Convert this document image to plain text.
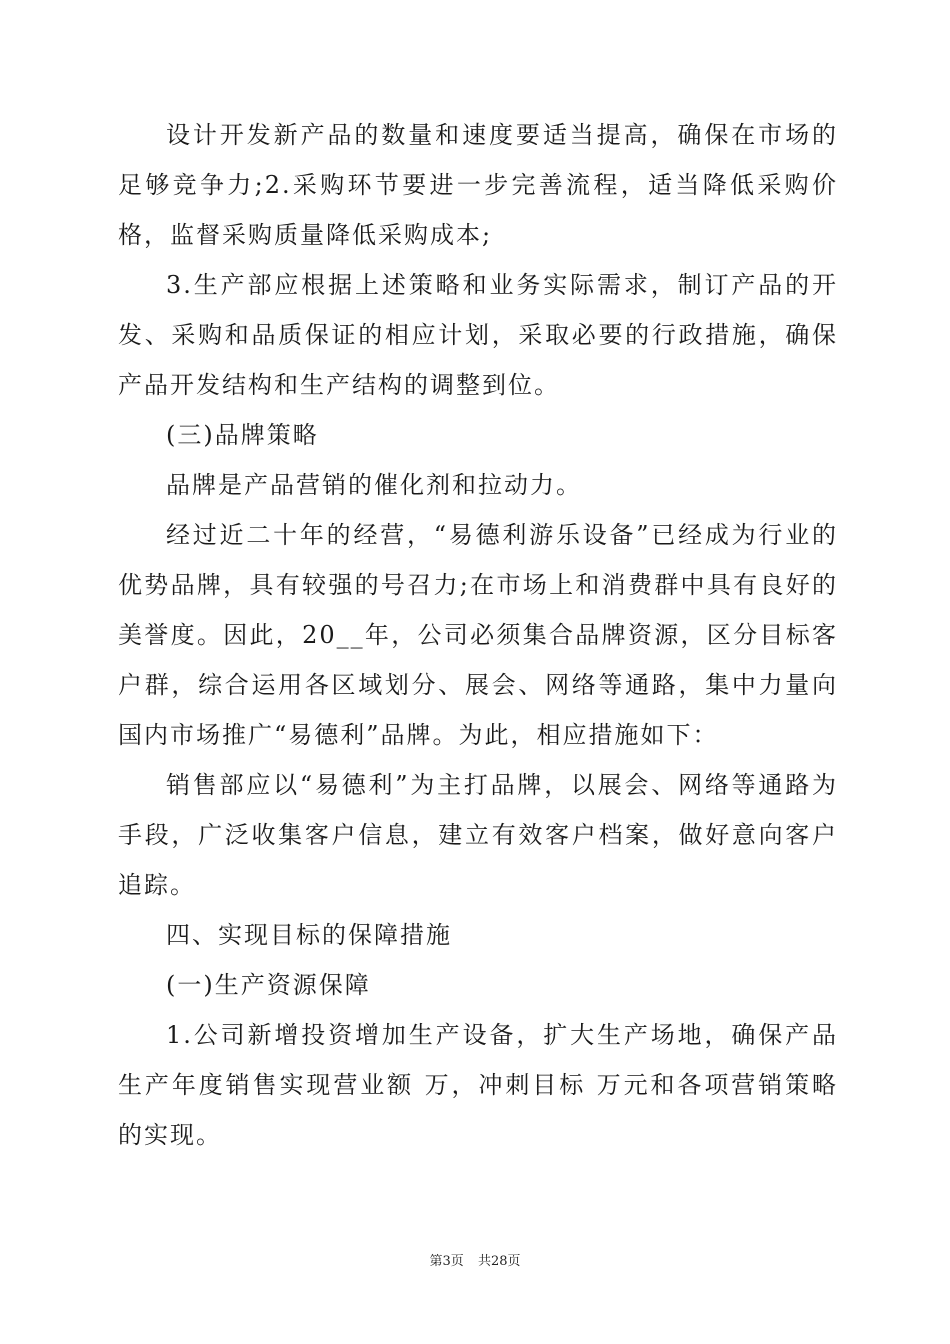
设计开发新产品的数量和速度要适当提高，确保在市场的足够竞争力;2.采购环节要进一步完善流程，适当降低采购价格，监督采购质量降低采购成本;

3.生产部应根据上述策略和业务实际需求，制订产品的开发、采购和品质保证的相应计划，采取必要的行政措施，确保产品开发结构和生产结构的调整到位。

(三)品牌策略

品牌是产品营销的催化剂和拉动力。

经过近二十年的经营，“易德利游乐设备”已经成为行业的优势品牌，具有较强的号召力;在市场上和消费群中具有良好的美誉度。因此，20__年，公司必须集合品牌资源，区分目标客户群，综合运用各区域划分、展会、网络等通路，集中力量向国内市场推广“易德利”品牌。为此，相应措施如下：

销售部应以“易德利”为主打品牌，以展会、网络等通路为手段，广泛收集客户信息，建立有效客户档案，做好意向客户追踪。

四、实现目标的保障措施

(一)生产资源保障

1.公司新增投资增加生产设备，扩大生产场地，确保产品生产年度销售实现营业额 万，冲刺目标 万元和各项营销策略的实现。

第3页 共28页
